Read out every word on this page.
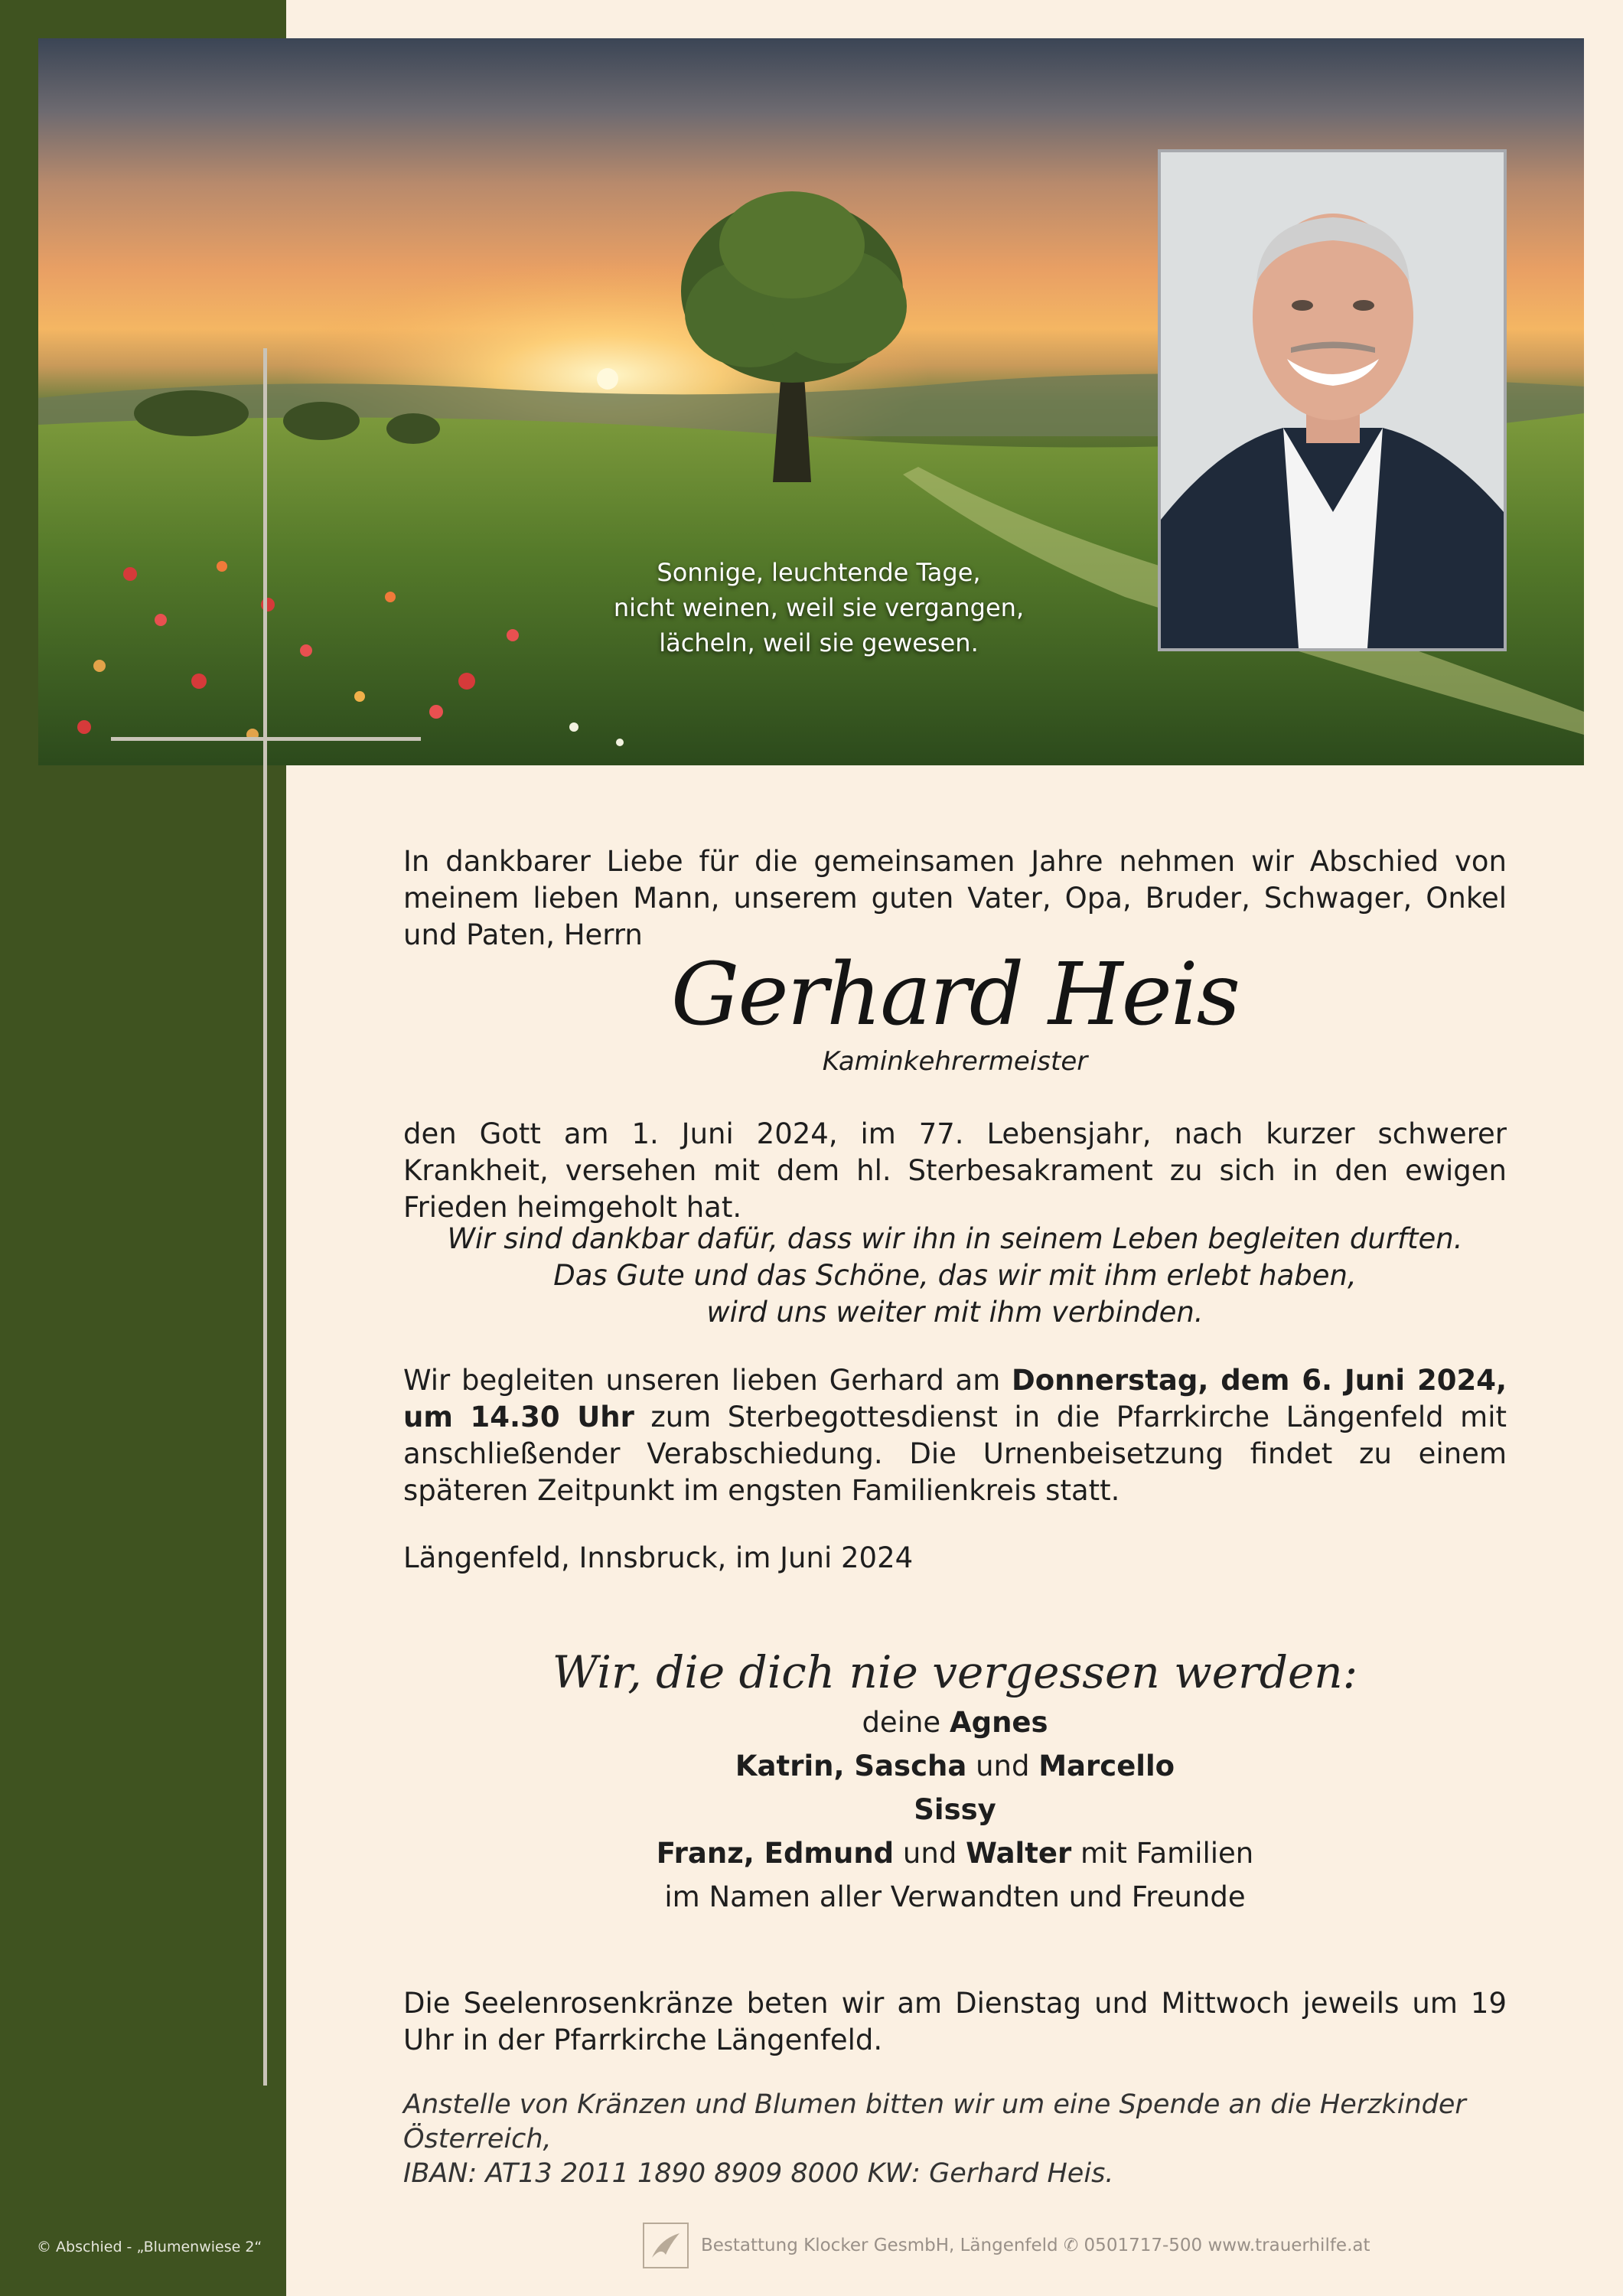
Sonnige, leuchtende Tage,
nicht weinen, weil sie vergangen,
lächeln, weil sie gewesen.
In dankbarer Liebe für die gemeinsamen Jahre nehmen wir Abschied von meinem lieben Mann, unserem guten Vater, Opa, Bruder, Schwager, Onkel und Paten, Herrn
Gerhard Heis
Kaminkehrermeister
den Gott am 1. Juni 2024, im 77. Lebensjahr, nach kurzer schwerer Krankheit, versehen mit dem hl. Sterbesakrament zu sich in den ewigen Frieden heimgeholt hat.
Wir sind dankbar dafür, dass wir ihn in seinem Leben begleiten durften.
Das Gute und das Schöne, das wir mit ihm erlebt haben,
wird uns weiter mit ihm verbinden.
Wir begleiten unseren lieben Gerhard am Donnerstag, dem 6. Juni 2024, um 14.30 Uhr zum Sterbegottesdienst in die Pfarrkirche Längenfeld mit anschließender Verabschiedung. Die Urnenbeisetzung findet zu einem späteren Zeitpunkt im engsten Familienkreis statt.
Längenfeld, Innsbruck, im Juni 2024
Wir, die dich nie vergessen werden:
deine Agnes
Katrin, Sascha und Marcello
Sissy
Franz, Edmund und Walter mit Familien
im Namen aller Verwandten und Freunde
Die Seelenrosenkränze beten wir am Dienstag und Mittwoch jeweils um 19 Uhr in der Pfarrkirche Längenfeld.
Anstelle von Kränzen und Blumen bitten wir um eine Spende an die Herzkinder Österreich,
IBAN: AT13 2011 1890 8909 8000 KW: Gerhard Heis.
© Abschied - „Blumenwiese 2“	Bestattung Klocker GesmbH, Längenfeld ✆ 0501717-500 www.trauerhilfe.at
